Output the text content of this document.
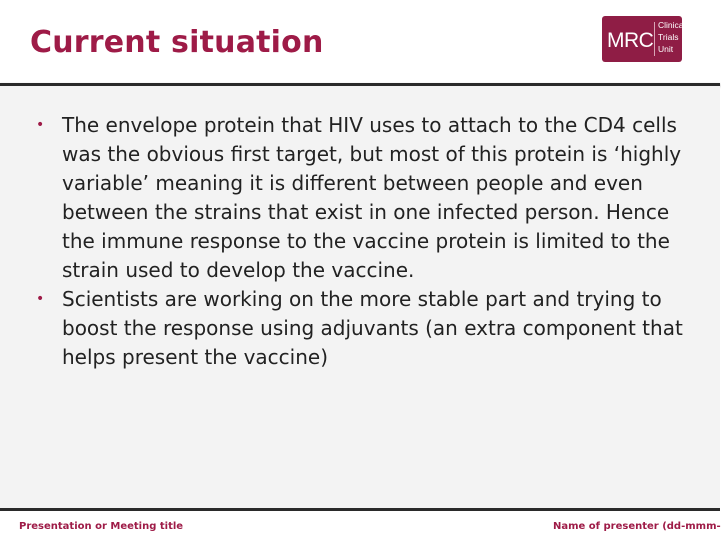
Current situation	MRC
Clinical
Trials
Unit
• The envelope protein that HIV uses to attach to the CD4 cells was the obvious first target, but most of this protein is ‘highly variable’ meaning it is different between people and even between the strains that exist in one infected person. Hence the immune response to the vaccine protein is limited to the strain used to develop the vaccine.
• Scientists are working on the more stable part and trying to boost the response using adjuvants (an extra component that helps present the vaccine)
Presentation or Meeting title	Name of presenter (dd-mmm-
